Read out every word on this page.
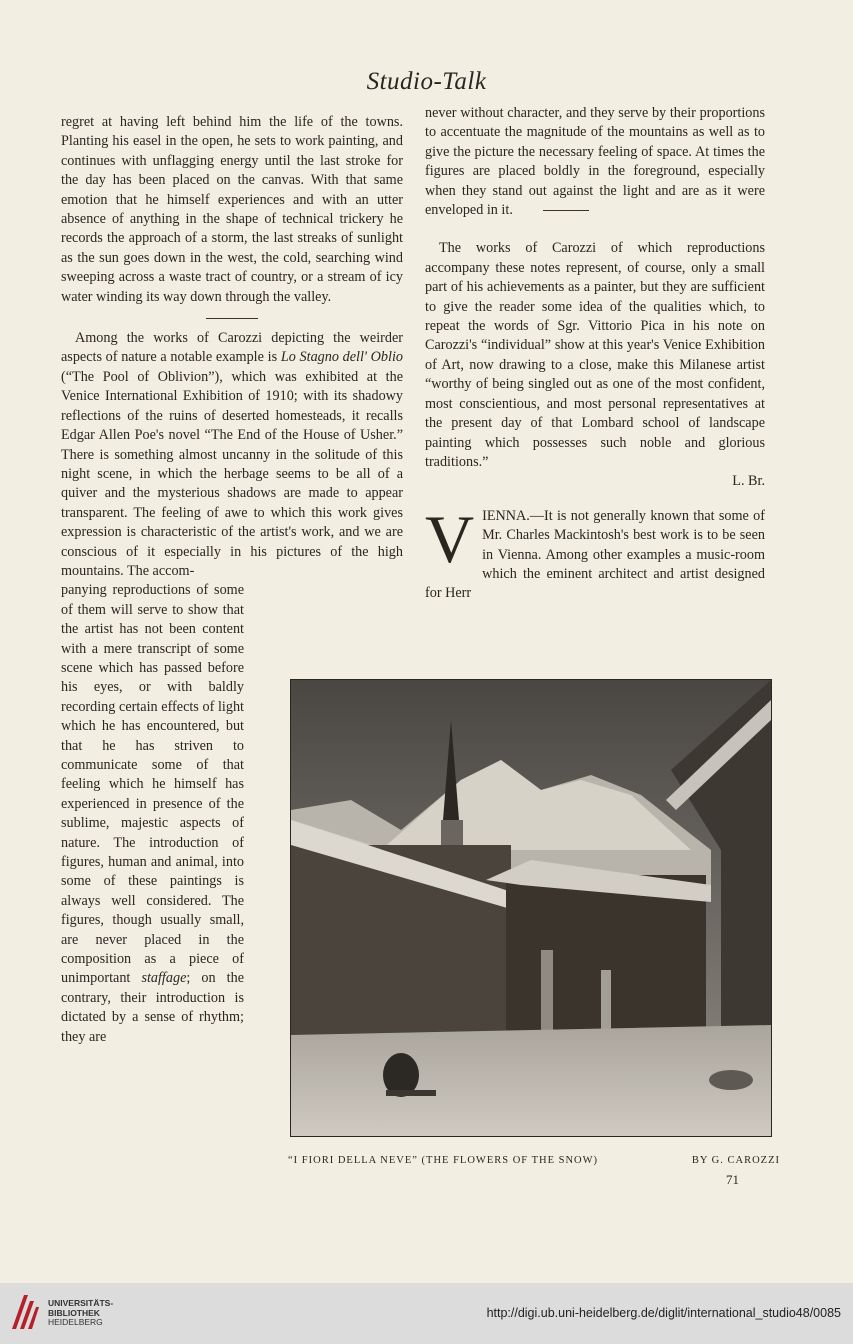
Studio-Talk

regret at having left behind him the life of the towns. Planting his easel in the open, he sets to work painting, and continues with unflagging energy until the last stroke for the day has been placed on the canvas. With that same emotion that he himself experiences and with an utter absence of anything in the shape of technical trickery he records the approach of a storm, the last streaks of sunlight as the sun goes down in the west, the cold, searching wind sweeping across a waste tract of country, or a stream of icy water winding its way down through the valley.

Among the works of Carozzi depicting the weirder aspects of nature a notable example is Lo Stagno dell' Oblio (“The Pool of Oblivion”), which was exhibited at the Venice International Exhibition of 1910; with its shadowy reflections of the ruins of deserted homesteads, it recalls Edgar Allen Poe's novel “The End of the House of Usher.” There is something almost uncanny in the solitude of this night scene, in which the herbage seems to be all of a quiver and the mysterious shadows are made to appear transparent. The feeling of awe to which this work gives expression is characteristic of the artist's work, and we are conscious of it especially in his pictures of the high mountains. The accom-

panying reproductions of some of them will serve to show that the artist has not been content with a mere transcript of some scene which has passed before his eyes, or with baldly recording certain effects of light which he has encountered, but that he has striven to communicate some of that feeling which he himself has experienced in presence of the sublime, majestic aspects of nature. The introduction of figures, human and animal, into some of these paintings is always well considered. The figures, though usually small, are never placed in the composition as a piece of unimportant staffage; on the contrary, their introduction is dictated by a sense of rhythm; they are

never without character, and they serve by their proportions to accentuate the magnitude of the mountains as well as to give the picture the necessary feeling of space. At times the figures are placed boldly in the foreground, especially when they stand out against the light and are as it were enveloped in it.

The works of Carozzi of which reproductions accompany these notes represent, of course, only a small part of his achievements as a painter, but they are sufficient to give the reader some idea of the qualities which, to repeat the words of Sgr. Vittorio Pica in his note on Carozzi's “individual” show at this year's Venice Exhibition of Art, now drawing to a close, make this Milanese artist “worthy of being singled out as one of the most confident, most conscientious, and most personal representatives at the present day of that Lombard school of landscape painting which possesses such noble and glorious traditions.”

L. Br.

VIENNA.—It is not generally known that some of Mr. Charles Mackintosh's best work is to be seen in Vienna. Among other examples a music-room which the eminent architect and artist designed for Herr

“I FIORI DELLA NEVE” (THE FLOWERS OF THE SNOW)	BY G. CAROZZI
71
UNIVERSITÄTS-
BIBLIOTHEK
HEIDELBERG
http://digi.ub.uni-heidelberg.de/diglit/international_studio48/0085
